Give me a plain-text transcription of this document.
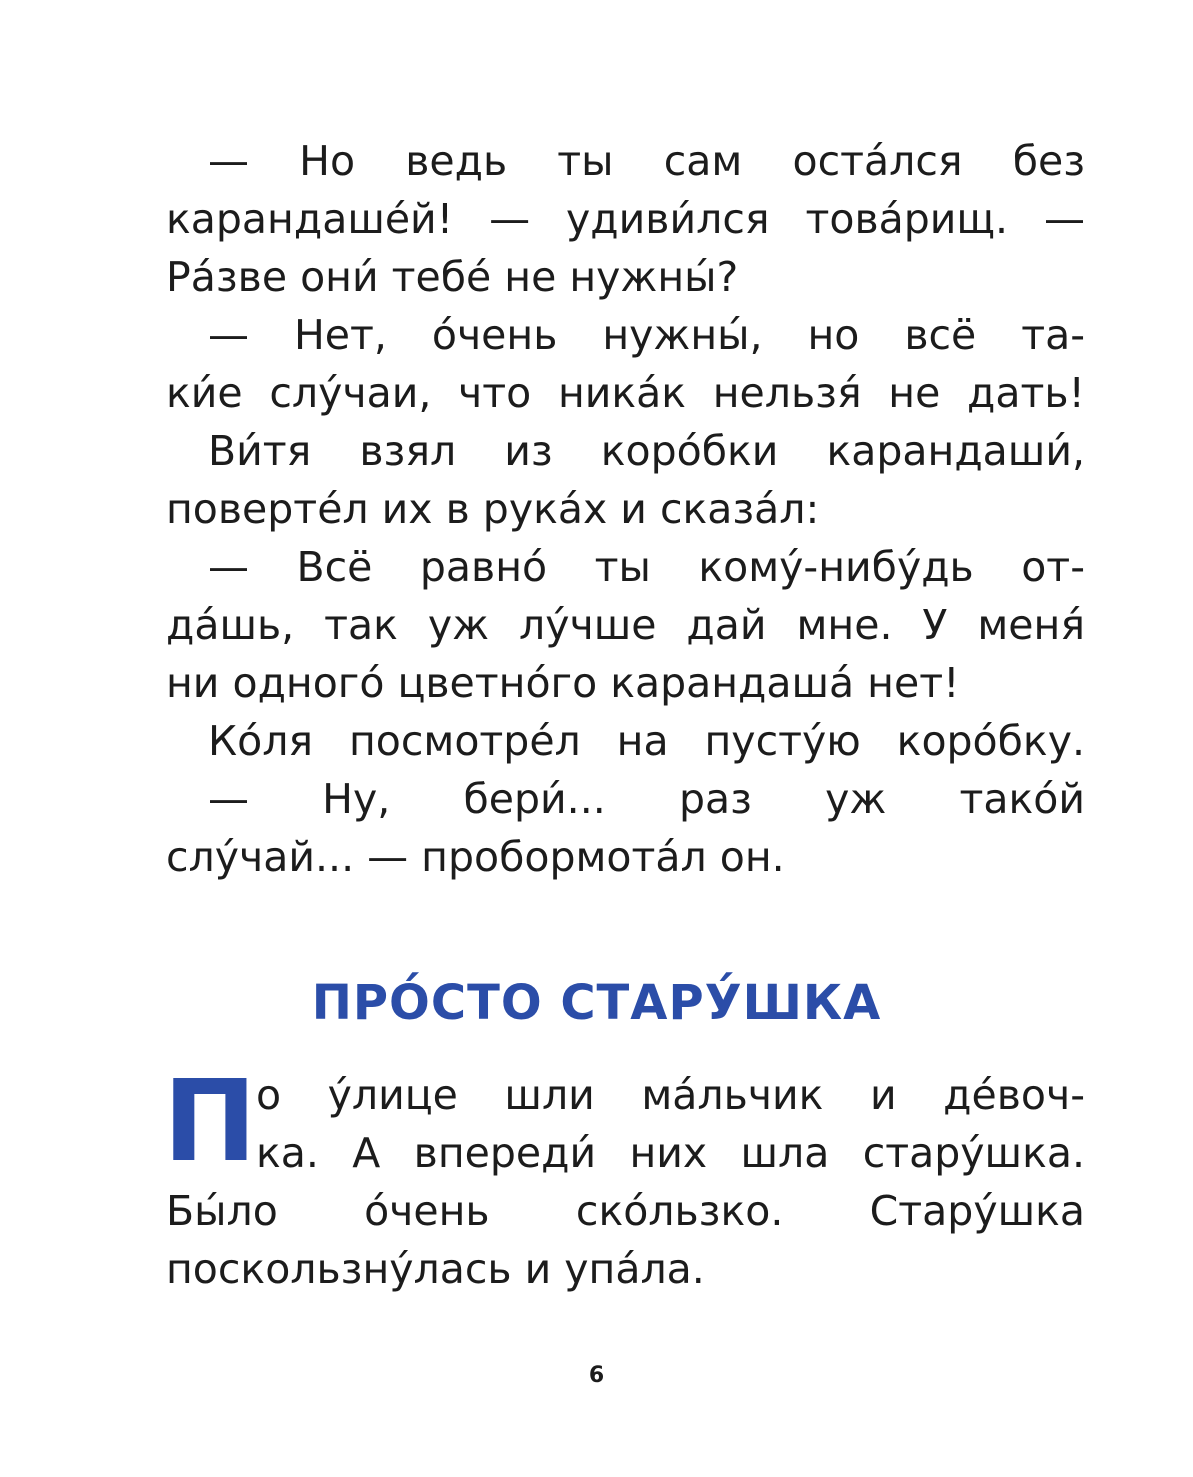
— Но ведь ты сам оста́лся без
карандаше́й! — удиви́лся това́рищ. —
Ра́зве они́ тебе́ не нужны́?
— Нет, о́чень нужны́, но всё та-
ки́е слу́чаи, что ника́к нельзя́ не дать!
Ви́тя взял из коро́бки карандаши́,
поверте́л их в рука́х и сказа́л:
— Всё равно́ ты кому́-нибу́дь от-
да́шь, так уж лу́чше дай мне. У меня́
ни одного́ цветно́го карандаша́ нет!
Ко́ля посмотре́л на пусту́ю коро́бку.
— Ну, бери́... раз уж тако́й
слу́чай... — пробормота́л он.
ПРО́СТО СТАРУ́ШКА
П о у́лице шли ма́льчик и де́воч-
ка. А впереди́ них шла стару́шка.
Бы́ло о́чень ско́льзко. Стару́шка
поскользну́лась и упа́ла.
6
